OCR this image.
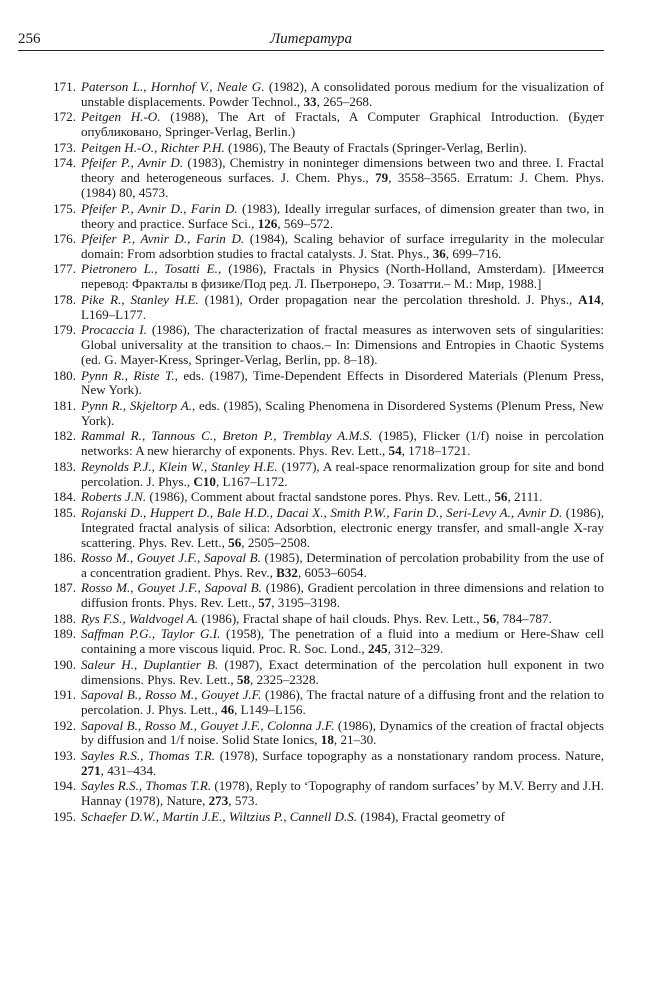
256	Литература
171. Paterson L., Hornhof V., Neale G. (1982), A consolidated porous medium for the visualization of unstable displacements. Powder Technol., 33, 265–268.
172. Peitgen H.-O. (1988), The Art of Fractals, A Computer Graphical Introduction. (Будет опубликовано, Springer-Verlag, Berlin.)
173. Peitgen H.-O., Richter P.H. (1986), The Beauty of Fractals (Springer-Verlag, Berlin).
174. Pfeifer P., Avnir D. (1983), Chemistry in noninteger dimensions between two and three. I. Fractal theory and heterogeneous surfaces. J. Chem. Phys., 79, 3558–3565. Erratum: J. Chem. Phys. (1984) 80, 4573.
175. Pfeifer P., Avnir D., Farin D. (1983), Ideally irregular surfaces, of dimension greater than two, in theory and practice. Surface Sci., 126, 569–572.
176. Pfeifer P., Avnir D., Farin D. (1984), Scaling behavior of surface irregularity in the molecular domain: From adsorbtion studies to fractal catalysts. J. Stat. Phys., 36, 699–716.
177. Pietronero L., Tosatti E., (1986), Fractals in Physics (North-Holland, Amsterdam). [Имеется перевод: Фракталы в физике/Под ред. Л. Пьетронеро, Э. Тозатти.– М.: Мир, 1988.]
178. Pike R., Stanley H.E. (1981), Order propagation near the percolation threshold. J. Phys., A14, L169–L177.
179. Procaccia I. (1986), The characterization of fractal measures as interwoven sets of singularities: Global universality at the transition to chaos.– In: Dimensions and Entropies in Chaotic Systems (ed. G. Mayer-Kress, Springer-Verlag, Berlin, pp. 8–18).
180. Pynn R., Riste T., eds. (1987), Time-Dependent Effects in Disordered Materials (Plenum Press, New York).
181. Pynn R., Skjeltorp A., eds. (1985), Scaling Phenomena in Disordered Systems (Plenum Press, New York).
182. Rammal R., Tannous C., Breton P., Tremblay A.M.S. (1985), Flicker (1/f) noise in percolation networks: A new hierarchy of exponents. Phys. Rev. Lett., 54, 1718–1721.
183. Reynolds P.J., Klein W., Stanley H.E. (1977), A real-space renormalization group for site and bond percolation. J. Phys., C10, L167–L172.
184. Roberts J.N. (1986), Comment about fractal sandstone pores. Phys. Rev. Lett., 56, 2111.
185. Rojanski D., Huppert D., Bale H.D., Dacai X., Smith P.W., Farin D., Seri-Levy A., Avnir D. (1986), Integrated fractal analysis of silica: Adsorbtion, electronic energy transfer, and small-angle X-ray scattering. Phys. Rev. Lett., 56, 2505–2508.
186. Rosso M., Gouyet J.F., Sapoval B. (1985), Determination of percolation probability from the use of a concentration gradient. Phys. Rev., B32, 6053–6054.
187. Rosso M., Gouyet J.F., Sapoval B. (1986), Gradient percolation in three dimensions and relation to diffusion fronts. Phys. Rev. Lett., 57, 3195–3198.
188. Rys F.S., Waldvogel A. (1986), Fractal shape of hail clouds. Phys. Rev. Lett., 56, 784–787.
189. Saffman P.G., Taylor G.I. (1958), The penetration of a fluid into a medium or Here-Shaw cell containing a more viscous liquid. Proc. R. Soc. Lond., 245, 312–329.
190. Saleur H., Duplantier B. (1987), Exact determination of the percolation hull exponent in two dimensions. Phys. Rev. Lett., 58, 2325–2328.
191. Sapoval B., Rosso M., Gouyet J.F. (1986), The fractal nature of a diffusing front and the relation to percolation. J. Phys. Lett., 46, L149–L156.
192. Sapoval B., Rosso M., Gouyet J.F., Colonna J.F. (1986), Dynamics of the creation of fractal objects by diffusion and 1/f noise. Solid State Ionics, 18, 21–30.
193. Sayles R.S., Thomas T.R. (1978), Surface topography as a nonstationary random process. Nature, 271, 431–434.
194. Sayles R.S., Thomas T.R. (1978), Reply to ‘Topography of random surfaces’ by M.V. Berry and J.H. Hannay (1978), Nature, 273, 573.
195. Schaefer D.W., Martin J.E., Wiltzius P., Cannell D.S. (1984), Fractal geometry of
